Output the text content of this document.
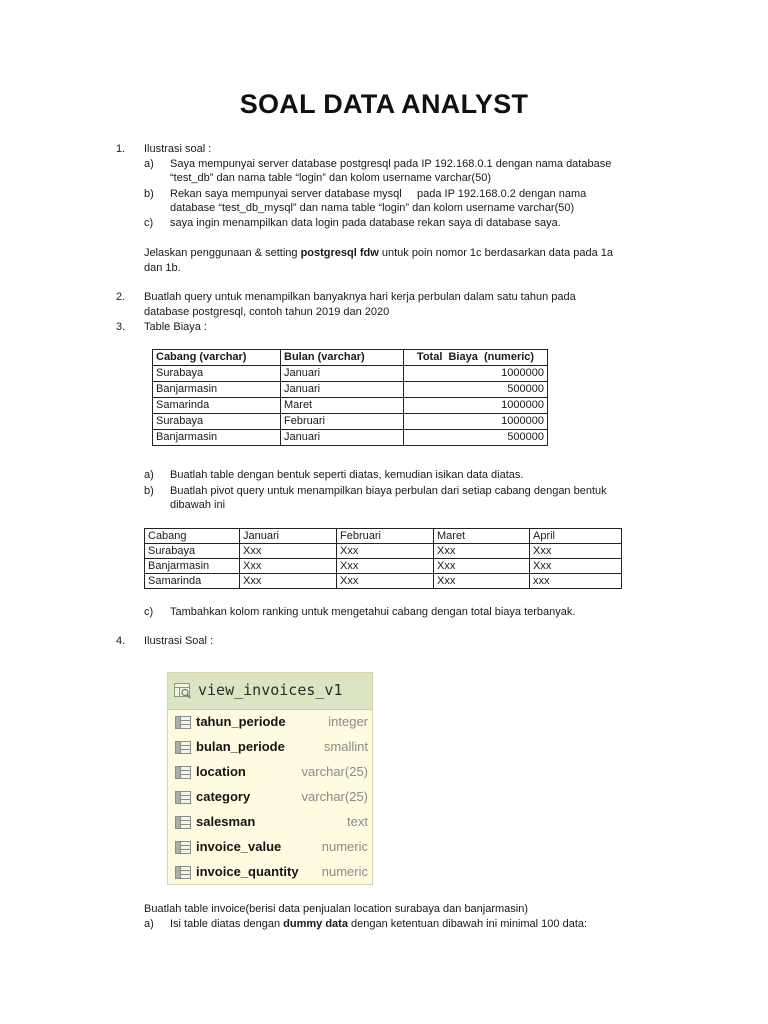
SOAL DATA ANALYST
1. Ilustrasi soal :
a) Saya mempunyai server database postgresql pada IP 192.168.0.1 dengan nama database
“test_db” dan nama table “login” dan kolom username varchar(50)
b) Rekan saya mempunyai server database mysql     pada IP 192.168.0.2 dengan nama
database “test_db_mysql” dan nama table “login” dan kolom username varchar(50)
c) saya ingin menampilkan data login pada database rekan saya di database saya.
Jelaskan penggunaan & setting postgresql fdw untuk poin nomor 1c berdasarkan data pada 1a
dan 1b.
2. Buatlah query untuk menampilkan banyaknya hari kerja perbulan dalam satu tahun pada
database postgresql, contoh tahun 2019 dan 2020
3. Table Biaya :
Cabang (varchar)	Bulan (varchar)	Total  Biaya  (numeric)
Surabaya	Januari	1000000
Banjarmasin	Januari	500000
Samarinda	Maret	1000000
Surabaya	Februari	1000000
Banjarmasin	Januari	500000
a) Buatlah table dengan bentuk seperti diatas, kemudian isikan data diatas.
b) Buatlah pivot query untuk menampilkan biaya perbulan dari setiap cabang dengan bentuk
dibawah ini
Cabang	Januari	Februari	Maret	April
Surabaya	Xxx	Xxx	Xxx	Xxx
Banjarmasin	Xxx	Xxx	Xxx	Xxx
Samarinda	Xxx	Xxx	Xxx	xxx
c) Tambahkan kolom ranking untuk mengetahui cabang dengan total biaya terbanyak.
4. Ilustrasi Soal :
view_invoices_v1
tahun_periode	integer
bulan_periode	smallint
location	varchar(25)
category	varchar(25)
salesman	text
invoice_value	numeric
invoice_quantity numeric
Buatlah table invoice(berisi data penjualan location surabaya dan banjarmasin)
a) Isi table diatas dengan dummy data dengan ketentuan dibawah ini minimal 100 data:
